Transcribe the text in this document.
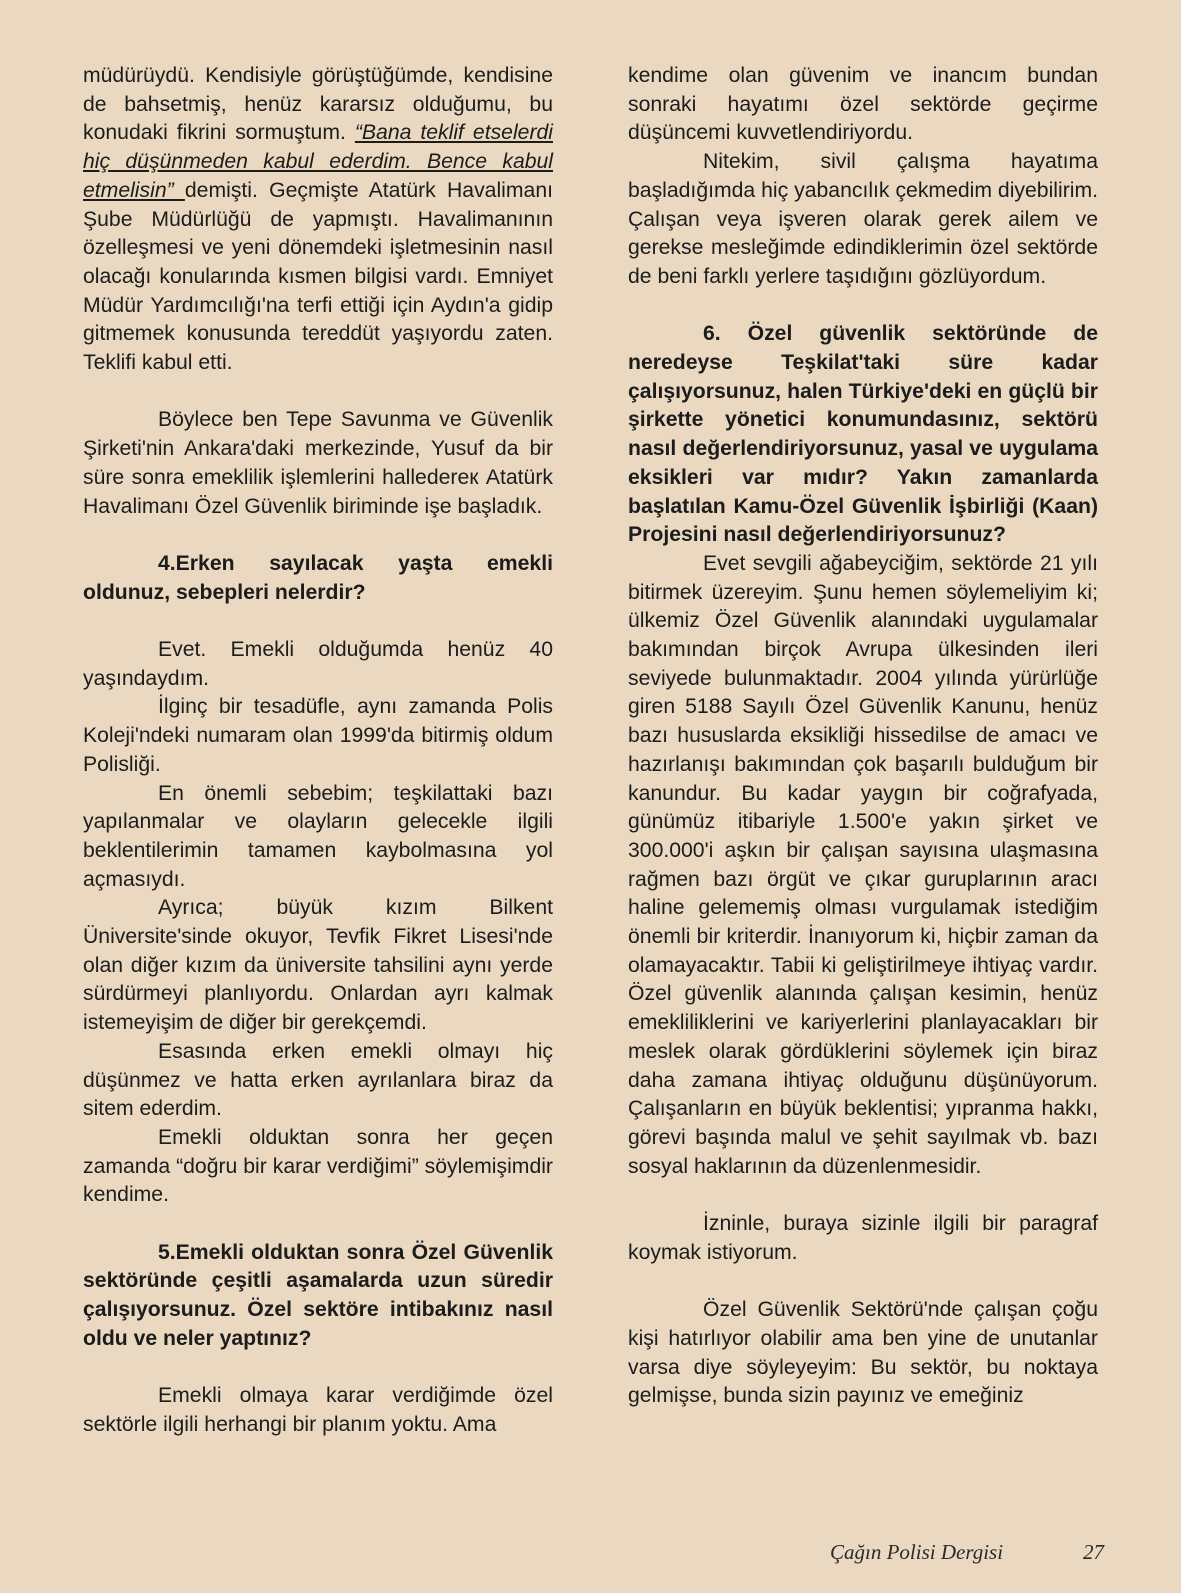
müdürüydü. Kendisiyle görüştüğümde, kendisine de bahsetmiş, henüz kararsız olduğumu, bu konudaki fikrini sormuştum. “Bana teklif etselerdi hiç düşünmeden kabul ederdim. Bence kabul etmelisin” demişti. Geçmişte Atatürk Havalimanı Şube Müdürlüğü de yapmıştı. Havalimanının özelleşmesi ve yeni dönemdeki işletmesinin nasıl olacağı konularında kısmen bilgisi vardı. Emniyet Müdür Yardımcılığı'na terfi ettiği için Aydın'a gidip gitmemek konusunda tereddüt yaşıyordu zaten. Teklifi kabul etti.

Böylece ben Tepe Savunma ve Güvenlik Şirketi'nin Ankara'daki merkezinde, Yusuf da bir süre sonra emeklilik işlemlerini halledereк Atatürk Havalimanı Özel Güvenlik biriminde işe başladık.

4.Erken sayılacak yaşta emekli oldunuz, sebepleri nelerdir?

Evet. Emekli olduğumda henüz 40 yaşındaydım.

İlginç bir tesadüfle, aynı zamanda Polis Koleji'ndeki numaram olan 1999'da bitirmiş oldum Polisliği.

En önemli sebebim; teşkilattaki bazı yapılanmalar ve olayların gelecekle ilgili beklentilerimin tamamen kaybolmasına yol açmasıydı.

Ayrıca; büyük kızım Bilkent Üniversite'sinde okuyor, Tevfik Fikret Lisesi'nde olan diğer kızım da üniversite tahsilini aynı yerde sürdürmeyi planlıyordu. Onlardan ayrı kalmak istemeyişim de diğer bir gerekçemdi.

Esasında erken emekli olmayı hiç düşünmez ve hatta erken ayrılanlara biraz da sitem ederdim.

Emekli olduktan sonra her geçen zamanda “doğru bir karar verdiğimi” söylemişimdir kendime.

5.Emekli olduktan sonra Özel Güvenlik sektöründe çeşitli aşamalarda uzun süredir çalışıyorsunuz. Özel sektöre intibakınız nasıl oldu ve neler yaptınız?

Emekli olmaya karar verdiğimde özel sektörle ilgili herhangi bir planım yoktu. Ama

kendime olan güvenim ve inancım bundan sonraki hayatımı özel sektörde geçirme düşüncemi kuvvetlendiriyordu.

Nitekim, sivil çalışma hayatıma başladığımda hiç yabancılık çekmedim diyebilirim. Çalışan veya işveren olarak gerek ailem ve gerekse mesleğimde edindiklerimin özel sektörde de beni farklı yerlere taşıdığını gözlüyordum.

6. Özel güvenlik sektöründe de neredeyse Teşkilat'taki süre kadar çalışıyorsunuz, halen Türkiye'deki en güçlü bir şirkette yönetici konumundasınız, sektörü nasıl değerlendiriyorsunuz, yasal ve uygulama eksikleri var mıdır? Yakın zamanlarda başlatılan Kamu-Özel Güvenlik İşbirliği (Kaan) Projesini nasıl değerlendiriyorsunuz?

Evet sevgili ağabeyciğim, sektörde 21 yılı bitirmek üzereyim. Şunu hemen söylemeliyim ki; ülkemiz Özel Güvenlik alanındaki uygulamalar bakımından birçok Avrupa ülkesinden ileri seviyede bulunmaktadır. 2004 yılında yürürlüğe giren 5188 Sayılı Özel Güvenlik Kanunu, henüz bazı hususlarda eksikliği hissedilse de amacı ve hazırlanışı bakımından çok başarılı bulduğum bir kanundur. Bu kadar yaygın bir coğrafyada, günümüz itibariyle 1.500'e yakın şirket ve 300.000'i aşkın bir çalışan sayısına ulaşmasına rağmen bazı örgüt ve çıkar guruplarının aracı haline gelememiş olması vurgulamak istediğim önemli bir kriterdir. İnanıyorum ki, hiçbir zaman da olamayacaktır. Tabii ki geliştirilmeye ihtiyaç vardır. Özel güvenlik alanında çalışan kesimin, henüz emekliliklerini ve kariyerlerini planlayacakları bir meslek olarak gördüklerini söylemek için biraz daha zamana ihtiyaç olduğunu düşünüyorum. Çalışanların en büyük beklentisi; yıpranma hakkı, görevi başında malul ve şehit sayılmak vb. bazı sosyal haklarının da düzenlenmesidir.

İzninle, buraya sizinle ilgili bir paragraf koymak istiyorum.

Özel Güvenlik Sektörü'nde çalışan çoğu kişi hatırlıyor olabilir ama ben yine de unutanlar varsa diye söyleyeyim: Bu sektör, bu noktaya gelmişse, bunda sizin payınız ve emeğiniz

Çağın Polisi Dergisi	27
